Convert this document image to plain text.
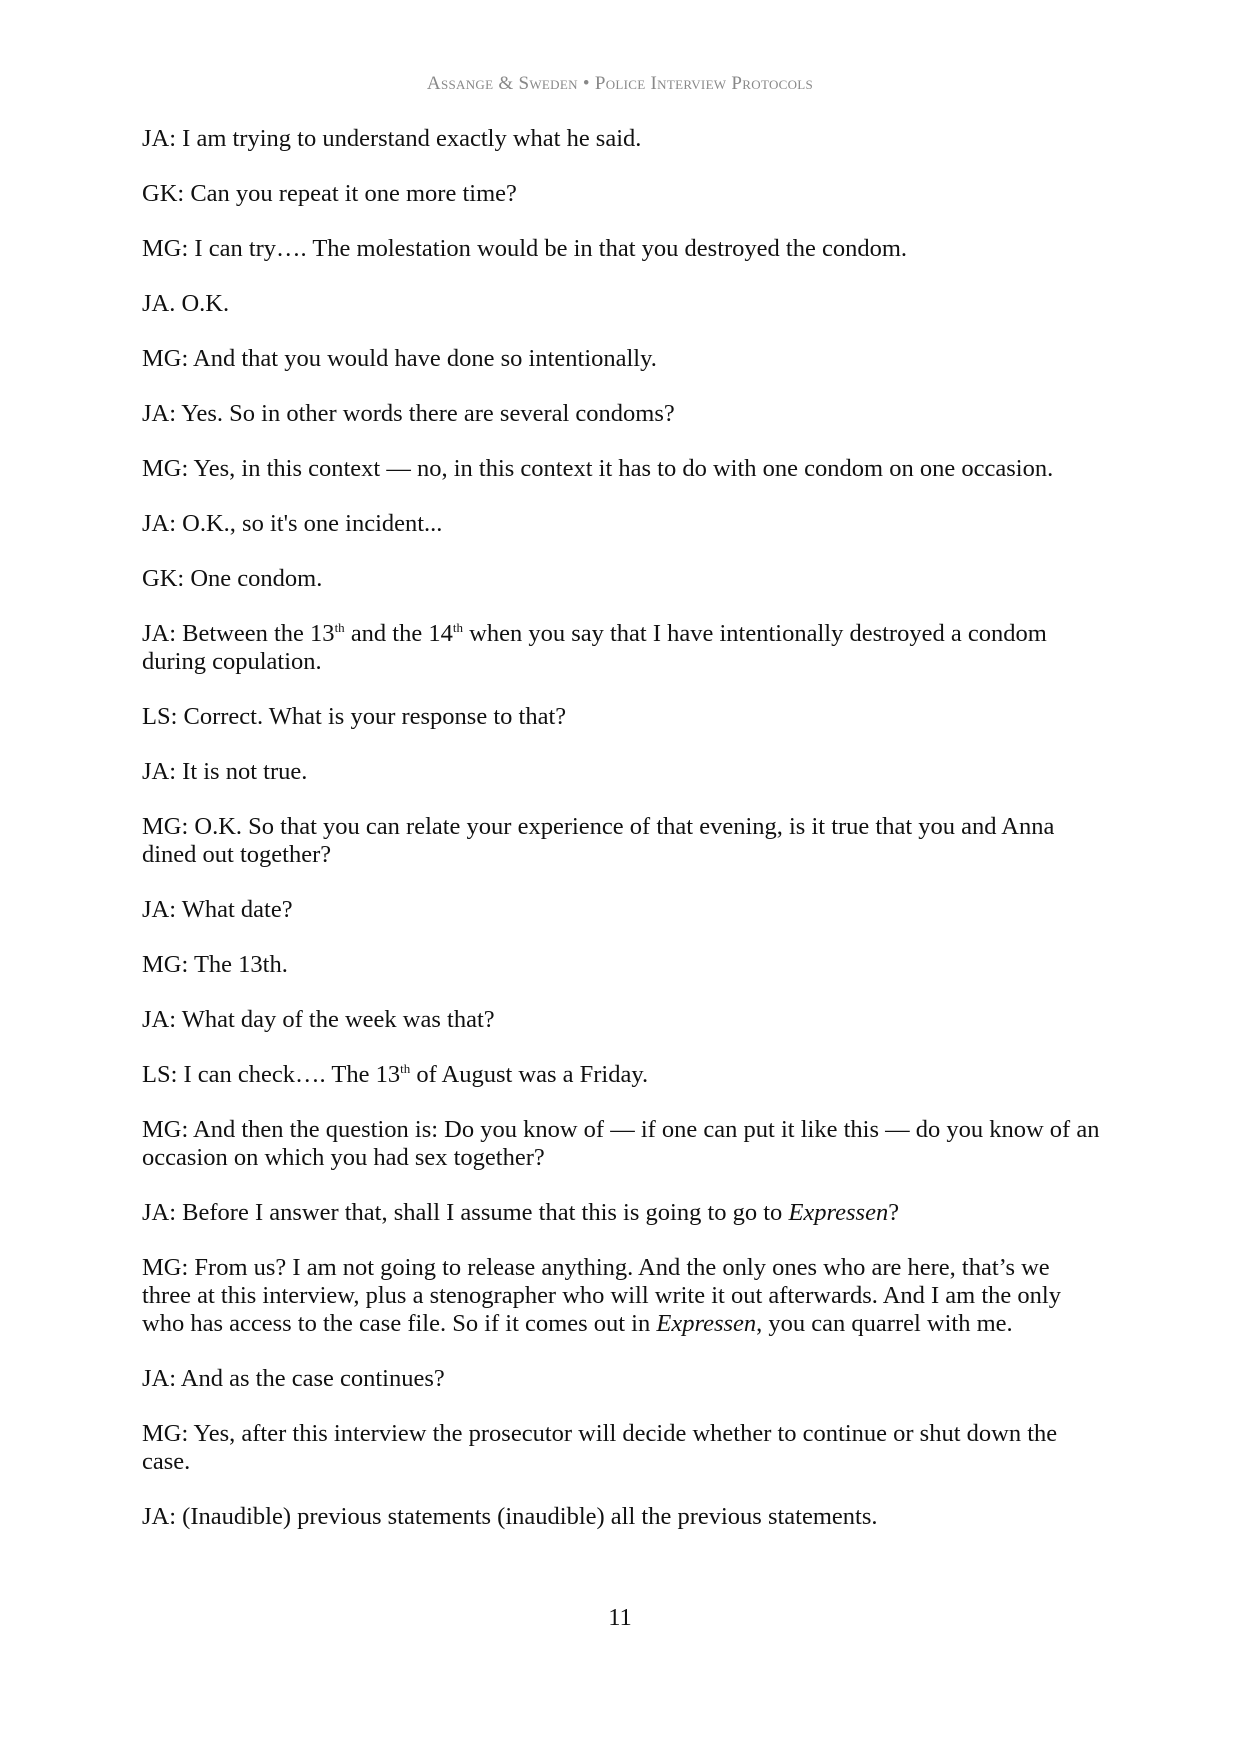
Assange & Sweden • Police Interview Protocols

JA: I am trying to understand exactly what he said.

GK: Can you repeat it one more time?

MG: I can try…. The molestation would be in that you destroyed the condom.

JA. O.K.

MG: And that you would have done so intentionally.

JA: Yes. So in other words there are several condoms?

MG: Yes, in this context — no, in this context it has to do with one condom on one occasion.

JA: O.K., so it's one incident...

GK: One condom.

JA: Between the 13th and the 14th when you say that I have intentionally destroyed a condom during copulation.

LS: Correct. What is your response to that?

JA: It is not true.

MG: O.K. So that you can relate your experience of that evening, is it true that you and Anna dined out together?

JA: What date?

MG: The 13th.

JA: What day of the week was that?

LS: I can check…. The 13th of August was a Friday.

MG: And then the question is: Do you know of — if one can put it like this — do you know of an occasion on which you had sex together?

JA: Before I answer that, shall I assume that this is going to go to Expressen?

MG: From us? I am not going to release anything. And the only ones who are here, that’s we three at this interview, plus a stenographer who will write it out afterwards. And I am the only who has access to the case file. So if it comes out in Expressen, you can quarrel with me.

JA: And as the case continues?

MG: Yes, after this interview the prosecutor will decide whether to continue or shut down the case.

JA: (Inaudible) previous statements (inaudible) all the previous statements.

11
